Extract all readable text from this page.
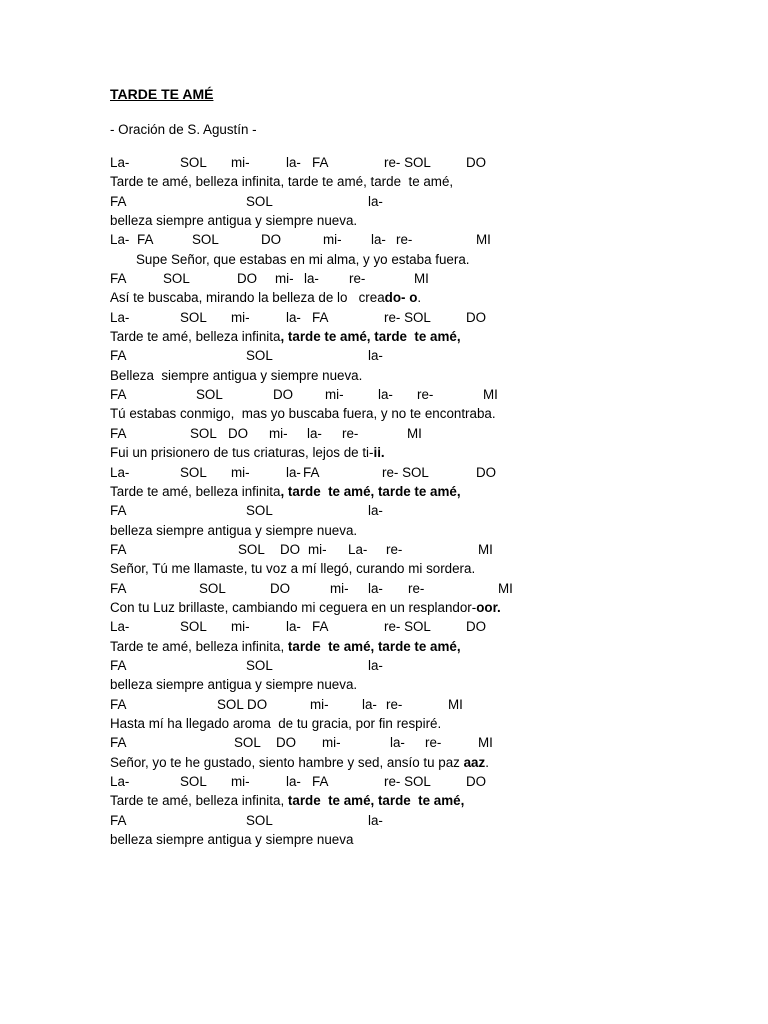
TARDE TE AMÉ
- Oración de S. Agustín -
La-	SOL mi-	la- FA	re- SOL	DO
Tarde te amé, belleza infinita, tarde te amé, tarde  te amé,
FA	SOL	la-
belleza siempre antigua y siempre nueva.
La- FA	SOL	DO	mi- la- re-	MI
Supe Señor, que estabas en mi alma, y yo estaba fuera.
FA	SOL	DO mi- la- re-	MI
Así te buscaba, mirando la belleza de lo   creado- o.
La-	SOL mi-	la- FA	re- SOL	DO
Tarde te amé, belleza infinita, tarde te amé, tarde  te amé,
FA	SOL	la-
Belleza  siempre antigua y siempre nueva.
FA	SOL	DO mi-	la- re-	MI
Tú estabas conmigo,  mas yo buscaba fuera, y no te encontraba.
FA	SOL DO mi- la- re-	MI
Fui un prisionero de tus criaturas, lejos de ti-ii.
La-	SOL mi-	la- FA	re- SOL	DO
Tarde te amé, belleza infinita, tarde  te amé, tarde te amé,
FA	SOL	la-
belleza siempre antigua y siempre nueva.
FA	SOL DO mi- La- re-	MI
Señor, Tú me llamaste, tu voz a mí llegó, curando mi sordera.
FA	SOL	DO	mi- la- re-	MI
Con tu Luz brillaste, cambiando mi ceguera en un resplandor-oor.
La-	SOL mi-	la- FA	re- SOL	DO
Tarde te amé, belleza infinita, tarde  te amé, tarde te amé,
FA	SOL	la-
belleza siempre antigua y siempre nueva.
FA	SOL DO	mi- la- re-	MI
Hasta mí ha llegado aroma  de tu gracia, por fin respiré.
FA	SOL DO mi-	la- re-	MI
Señor, yo te he gustado, siento hambre y sed, ansío tu paz aaz.
La-	SOL mi-	la- FA	re- SOL	DO
Tarde te amé, belleza infinita, tarde  te amé, tarde  te amé,
FA	SOL	la-
belleza siempre antigua y siempre nueva
